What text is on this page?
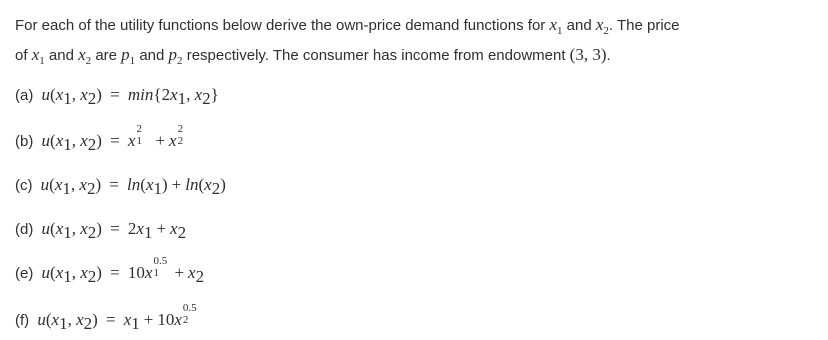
For each of the utility functions below derive the own-price demand functions for $x_1$ and $x_2$. The price
of $x_1$ and $x_2$ are $p_1$ and $p_2$ respectively. The consumer has income from endowment (3, 3).
(a) $u(x_1$, $x_2) = \min\{2x_1$, $x_2$}
(b) $u(x_1$, $x_2) = x$
2
1 + x
2
2
(c) $u(x_1$, $x_2) = \ln(x_1) + \ln(x_2)$
(d) $u(x_1$, $x_2) = 2x_1 + x_2$
(e) $u(x_1$, $x_2) = 10x$
0.5
$1 + x_2$
(f) $u(x_1$, $x_2) = x_1 + 10x$
0.5
2
